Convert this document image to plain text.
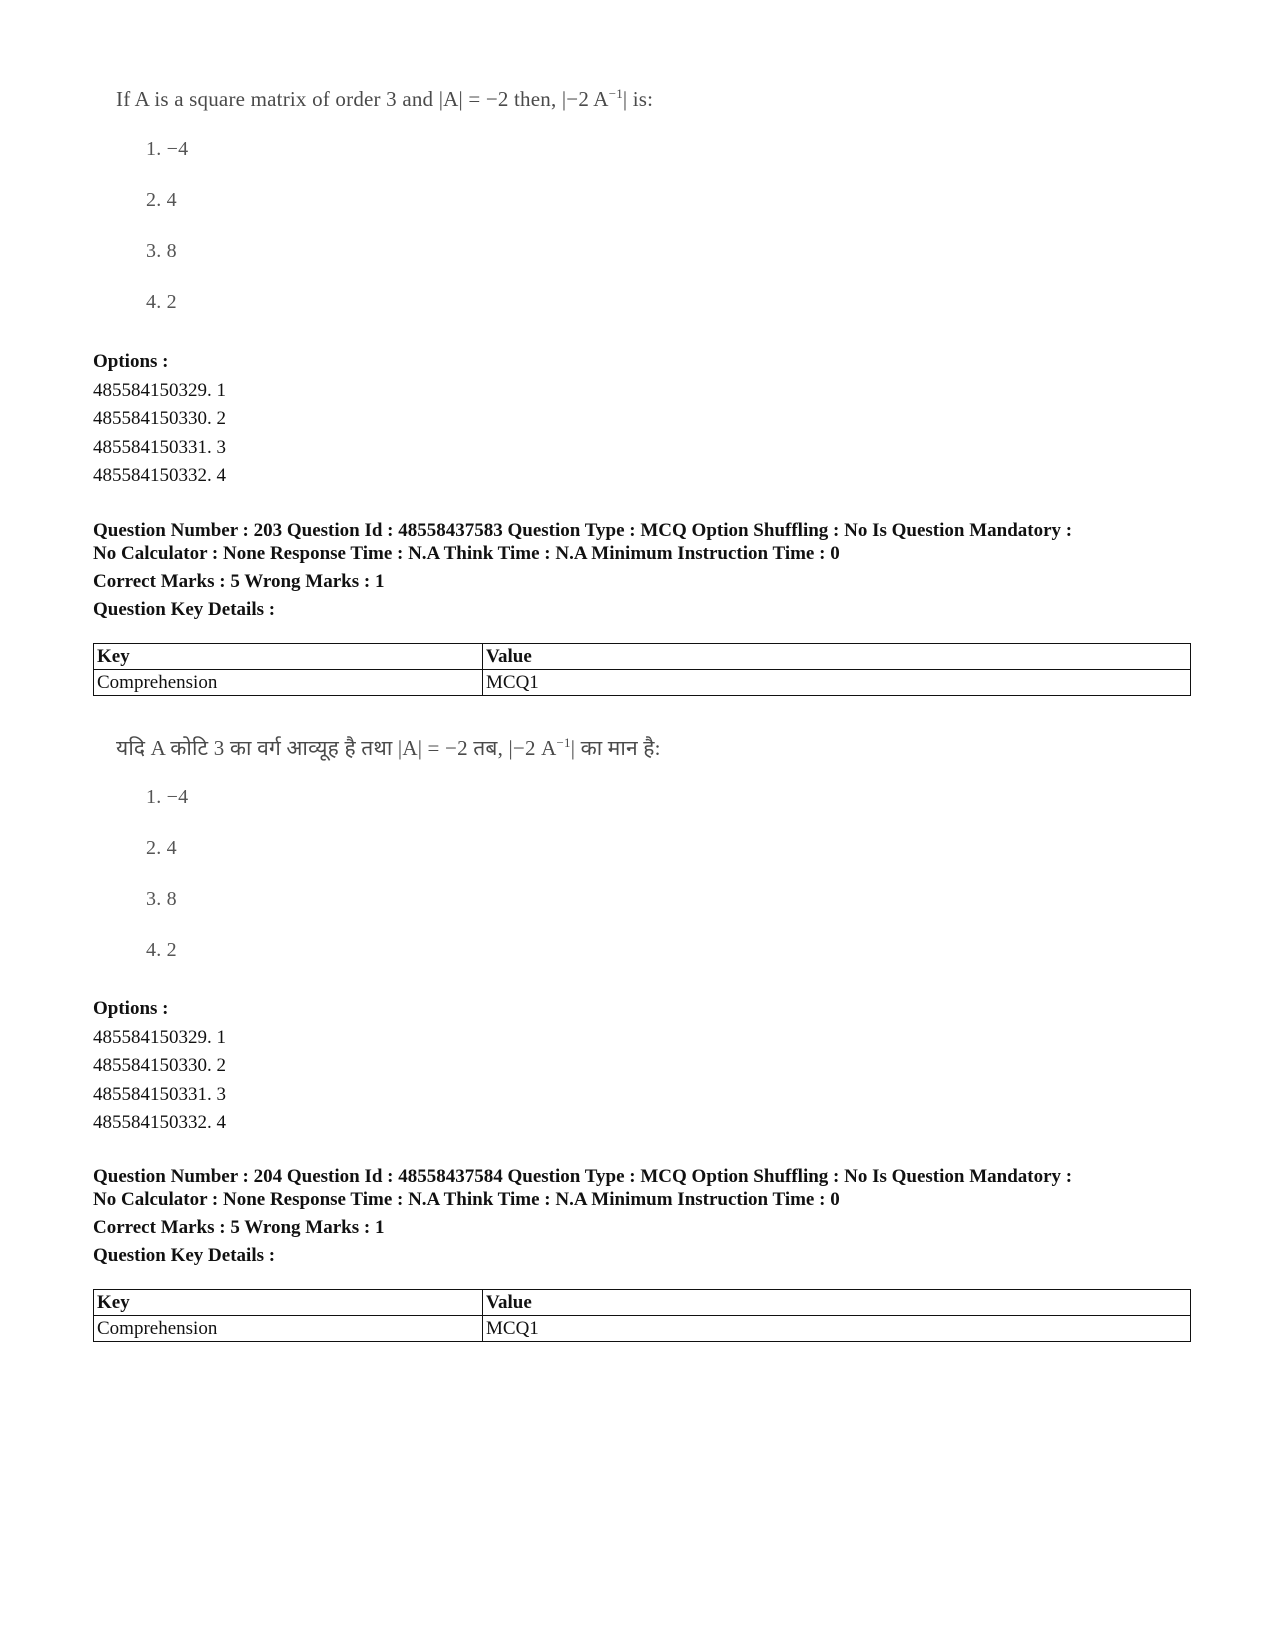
If A is a square matrix of order 3 and |A| = −2 then, |−2 $A^{-1}|$ is:
1. −4
2. 4
3. 8
4. 2
Options :
485584150329. 1
485584150330. 2
485584150331. 3
485584150332. 4
Question Number : 203 Question Id : 48558437583 Question Type : MCQ Option Shuffling : No Is Question Mandatory :
No Calculator : None Response Time : N.A Think Time : N.A Minimum Instruction Time : 0
Correct Marks : 5 Wrong Marks : 1
Question Key Details :
Key	Value
Comprehension	MCQ1
यदि A कोटि 3 का वर्ग आव्यूह है तथा |A| = −2 तब, |−2 $A^{-1}|$ का मान है:
1. −4
2. 4
3. 8
4. 2
Options :
485584150329. 1
485584150330. 2
485584150331. 3
485584150332. 4
Question Number : 204 Question Id : 48558437584 Question Type : MCQ Option Shuffling : No Is Question Mandatory :
No Calculator : None Response Time : N.A Think Time : N.A Minimum Instruction Time : 0
Correct Marks : 5 Wrong Marks : 1
Question Key Details :
Key	Value
Comprehension	MCQ1
